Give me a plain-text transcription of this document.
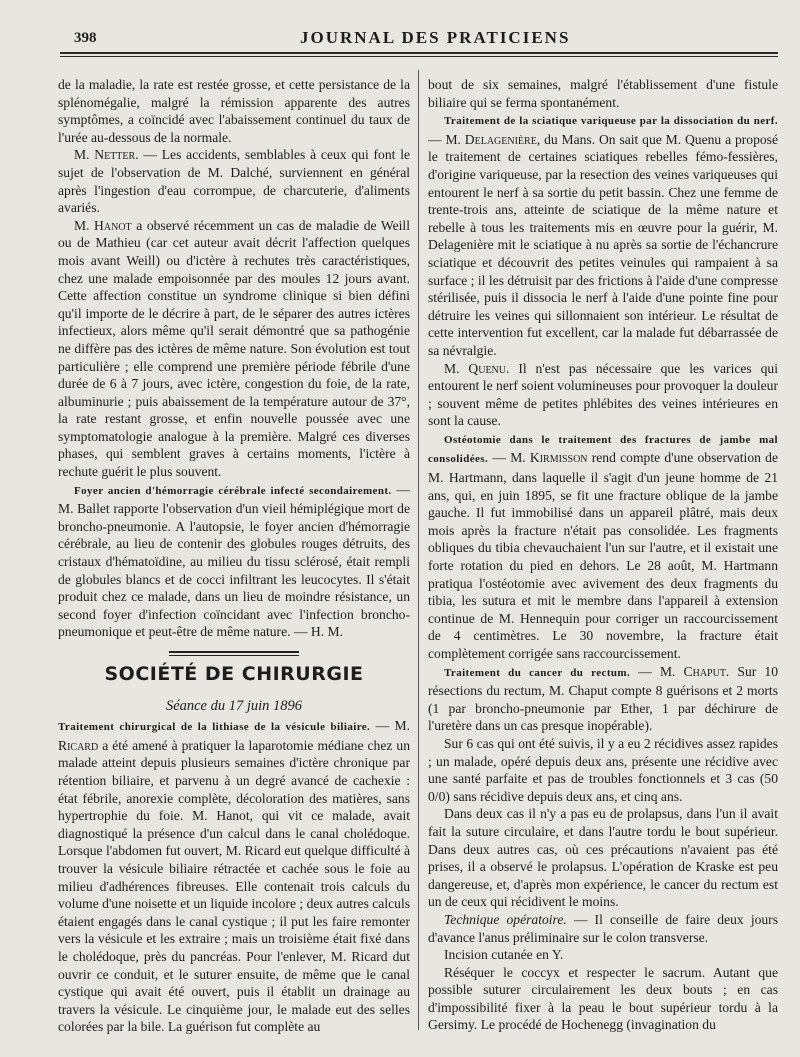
398	JOURNAL DES PRATICIENS

de la maladie, la rate est restée grosse, et cette persistance de la splénomégalie, malgré la rémission apparente des autres symptômes, a coïncidé avec l'abaissement continuel du taux de l'urée au-dessous de la normale.

M. Netter. — Les accidents, semblables à ceux qui font le sujet de l'observation de M. Dalché, surviennent en général après l'ingestion d'eau corrompue, de charcuterie, d'aliments avariés.

M. Hanot a observé récemment un cas de maladie de Weill ou de Mathieu (car cet auteur avait décrit l'affection quelques mois avant Weill) ou d'ictère à rechutes très caractéristiques, chez une malade empoisonnée par des moules 12 jours avant. Cette affection constitue un syndrome clinique si bien défini qu'il importe de le décrire à part, de le séparer des autres ictères infectieux, alors même qu'il serait démontré que sa pathogénie ne diffère pas des ictères de même nature. Son évolution est tout particulière ; elle comprend une première période fébrile d'une durée de 6 à 7 jours, avec ictère, congestion du foie, de la rate, albuminurie ; puis abaissement de la température autour de 37°, la rate restant grosse, et enfin nouvelle poussée avec une symptomatologie analogue à la première. Malgré ces diverses phases, qui semblent graves à certains moments, l'ictère à rechute guérit le plus souvent.

Foyer ancien d'hémorragie cérébrale infecté secondairement. — M. Ballet rapporte l'observation d'un vieil hémiplégique mort de broncho-pneumonie. A l'autopsie, le foyer ancien d'hémorragie cérébrale, au lieu de contenir des globules rouges détruits, des cristaux d'hématoïdine, au milieu du tissu sclérosé, était rempli de globules blancs et de cocci infiltrant les leucocytes. Il s'était produit chez ce malade, dans un lieu de moindre résistance, un second foyer d'infection coïncidant avec l'infection broncho-pneumonique et peut-être de même nature. — H. M.

SOCIÉTÉ DE CHIRURGIE
Séance du 17 juin 1896

Traitement chirurgical de la lithiase de la vésicule biliaire. — M. Ricard a été amené à pratiquer la laparotomie médiane chez un malade atteint depuis plusieurs semaines d'ictère chronique par rétention biliaire, et parvenu à un degré avancé de cachexie : état fébrile, anorexie complète, décoloration des matières, sans hypertrophie du foie. M. Hanot, qui vit ce malade, avait diagnostiqué la présence d'un calcul dans le canal cholédoque. Lorsque l'abdomen fut ouvert, M. Ricard eut quelque difficulté à trouver la vésicule biliaire rétractée et cachée sous le foie au milieu d'adhérences fibreuses. Elle contenait trois calculs du volume d'une noisette et un liquide incolore ; deux autres calculs étaient engagés dans le canal cystique ; il put les faire remonter vers la vésicule et les extraire ; mais un troisième était fixé dans le cholédoque, près du pancréas. Pour l'enlever, M. Ricard dut ouvrir ce conduit, et le suturer ensuite, de même que le canal cystique qui avait été ouvert, puis il établit un drainage au travers la vésicule. Le cinquième jour, le malade eut des selles colorées par la bile. La guérison fut complète au

bout de six semaines, malgré l'établissement d'une fistule biliaire qui se ferma spontanément.

Traitement de la sciatique variqueuse par la dissociation du nerf. — M. Delagenière, du Mans. On sait que M. Quenu a proposé le traitement de certaines sciatiques rebelles fémo-fessières, d'origine variqueuse, par la resection des veines variqueuses qui entourent le nerf à sa sortie du petit bassin. Chez une femme de trente-trois ans, atteinte de sciatique de la même nature et rebelle à tous les traitements mis en œuvre pour la guérir, M. Delagenière mit le sciatique à nu après sa sortie de l'échancrure sciatique et découvrit des petites veinules qui rampaient à sa surface ; il les détruisit par des frictions à l'aide d'une compresse stérilisée, puis il dissocia le nerf à l'aide d'une pointe fine pour détruire les veines qui sillonnaient son intérieur. Le résultat de cette intervention fut excellent, car la malade fut débarrassée de sa névralgie.

M. Quenu. Il n'est pas nécessaire que les varices qui entourent le nerf soient volumineuses pour provoquer la douleur ; souvent même de petites phlébites des veines intérieures en sont la cause.

Ostéotomie dans le traitement des fractures de jambe mal consolidées. — M. Kirmisson rend compte d'une observation de M. Hartmann, dans laquelle il s'agit d'un jeune homme de 21 ans, qui, en juin 1895, se fit une fracture oblique de la jambe gauche. Il fut immobilisé dans un appareil plâtré, mais deux mois après la fracture n'était pas consolidée. Les fragments obliques du tibia chevauchaient l'un sur l'autre, et il existait une forte rotation du pied en dehors. Le 28 août, M. Hartmann pratiqua l'ostéotomie avec avivement des deux fragments du tibia, les sutura et mit le membre dans l'appareil à extension continue de M. Hennequin pour corriger un raccourcissement de 4 centimètres. Le 30 novembre, la fracture était complètement corrigée sans raccourcissement.

Traitement du cancer du rectum. — M. Chaput. Sur 10 résections du rectum, M. Chaput compte 8 guérisons et 2 morts (1 par broncho-pneumonie par Ether, 1 par déchirure de l'uretère dans un cas presque inopérable).

Sur 6 cas qui ont été suivis, il y a eu 2 récidives assez rapides ; un malade, opéré depuis deux ans, présente une récidive avec une santé parfaite et pas de troubles fonctionnels et 3 cas (50 0/0) sans récidive depuis deux ans, et cinq ans.

Dans deux cas il n'y a pas eu de prolapsus, dans l'un il avait fait la suture circulaire, et dans l'autre tordu le bout supérieur. Dans deux autres cas, où ces précautions n'avaient pas été prises, il a observé le prolapsus. L'opération de Kraske est peu dangereuse, et, d'après mon expérience, le cancer du rectum est un de ceux qui récidivent le moins.

Technique opératoire. — Il conseille de faire deux jours d'avance l'anus préliminaire sur le colon transverse.

Incision cutanée en Y.

Réséquer le coccyx et respecter le sacrum. Autant que possible suturer circulairement les deux bouts ; en cas d'impossibilité fixer à la peau le bout supérieur tordu à la Gersimy. Le procédé de Hochenegg (invagination du
